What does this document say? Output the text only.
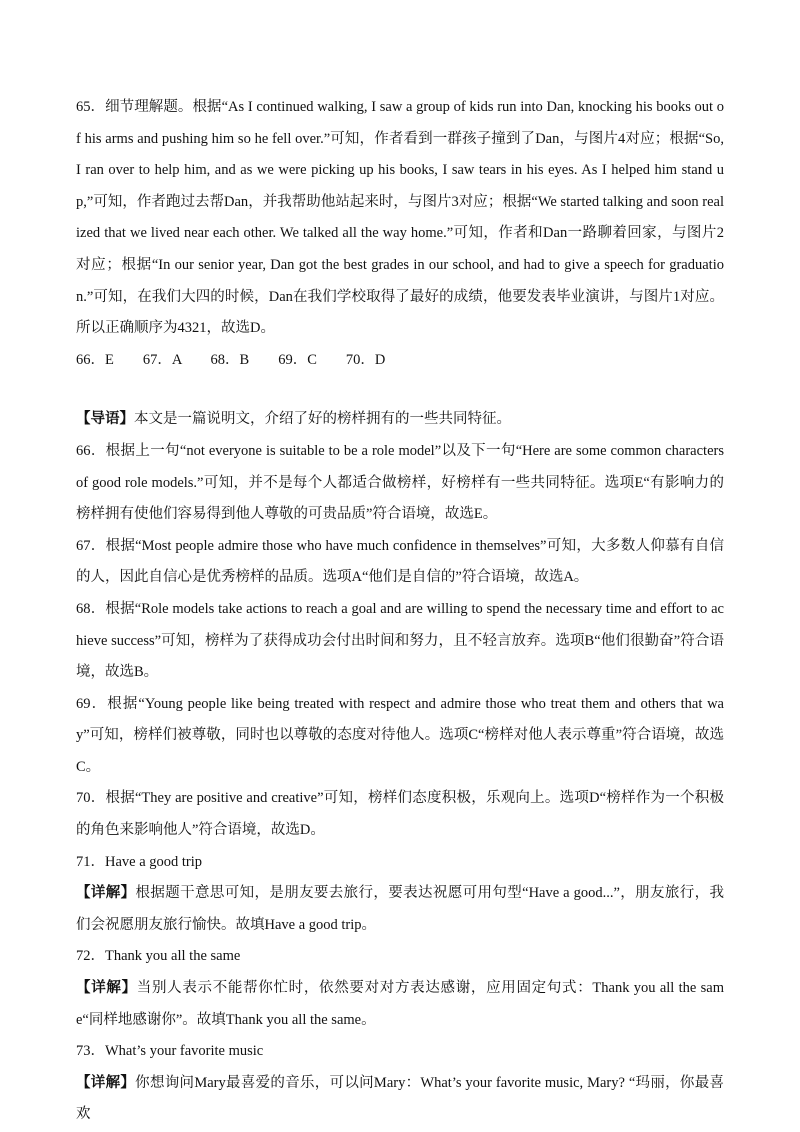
65．细节理解题。根据“As I continued walking, I saw a group of kids run into Dan, knocking his books out of his arms and pushing him so he fell over.”可知，作者看到一群孩子撞到了Dan，与图片4对应；根据“So, I ran over to help him, and as we were picking up his books, I saw tears in his eyes. As I helped him stand up,”可知，作者跑过去帮Dan，并我帮助他站起来时，与图片3对应；根据“We started talking and soon realized that we lived near each other. We talked all the way home.”可知，作者和Dan一路聊着回家，与图片2对应；根据“In our senior year, Dan got the best grades in our school, and had to give a speech for graduation.”可知，在我们大四的时候，Dan在我们学校取得了最好的成绩，他要发表毕业演讲，与图片1对应。所以正确顺序为4321，故选D。

66．E　　67．A　　68．B　　69．C　　70．D

【导语】本文是一篇说明文，介绍了好的榜样拥有的一些共同特征。

66．根据上一句“not everyone is suitable to be a role model”以及下一句“Here are some common characters of good role models.”可知，并不是每个人都适合做榜样，好榜样有一些共同特征。选项E“有影响力的榜样拥有使他们容易得到他人尊敬的可贵品质”符合语境，故选E。

67．根据“Most people admire those who have much confidence in themselves”可知，大多数人仰慕有自信的人，因此自信心是优秀榜样的品质。选项A“他们是自信的”符合语境，故选A。

68．根据“Role models take actions to reach a goal and are willing to spend the necessary time and effort to achieve success”可知，榜样为了获得成功会付出时间和努力，且不轻言放弃。选项B“他们很勤奋”符合语境，故选B。

69．根据“Young people like being treated with respect and admire those who treat them and others that way”可知，榜样们被尊敬，同时也以尊敬的态度对待他人。选项C“榜样对他人表示尊重”符合语境，故选C。

70．根据“They are positive and creative”可知，榜样们态度积极，乐观向上。选项D“榜样作为一个积极的角色来影响他人”符合语境，故选D。

71．Have a good trip

【详解】根据题干意思可知，是朋友要去旅行，要表达祝愿可用句型“Have a good...”，朋友旅行，我们会祝愿朋友旅行愉快。故填Have a good trip。

72．Thank you all the same

【详解】当别人表示不能帮你忙时，依然要对对方表达感谢，应用固定句式：Thank you all the same“同样地感谢你”。故填Thank you all the same。

73．What’s your favorite music

【详解】你想询问Mary最喜爱的音乐，可以问Mary：What’s your favorite music, Mary? “玛丽，你最喜欢
